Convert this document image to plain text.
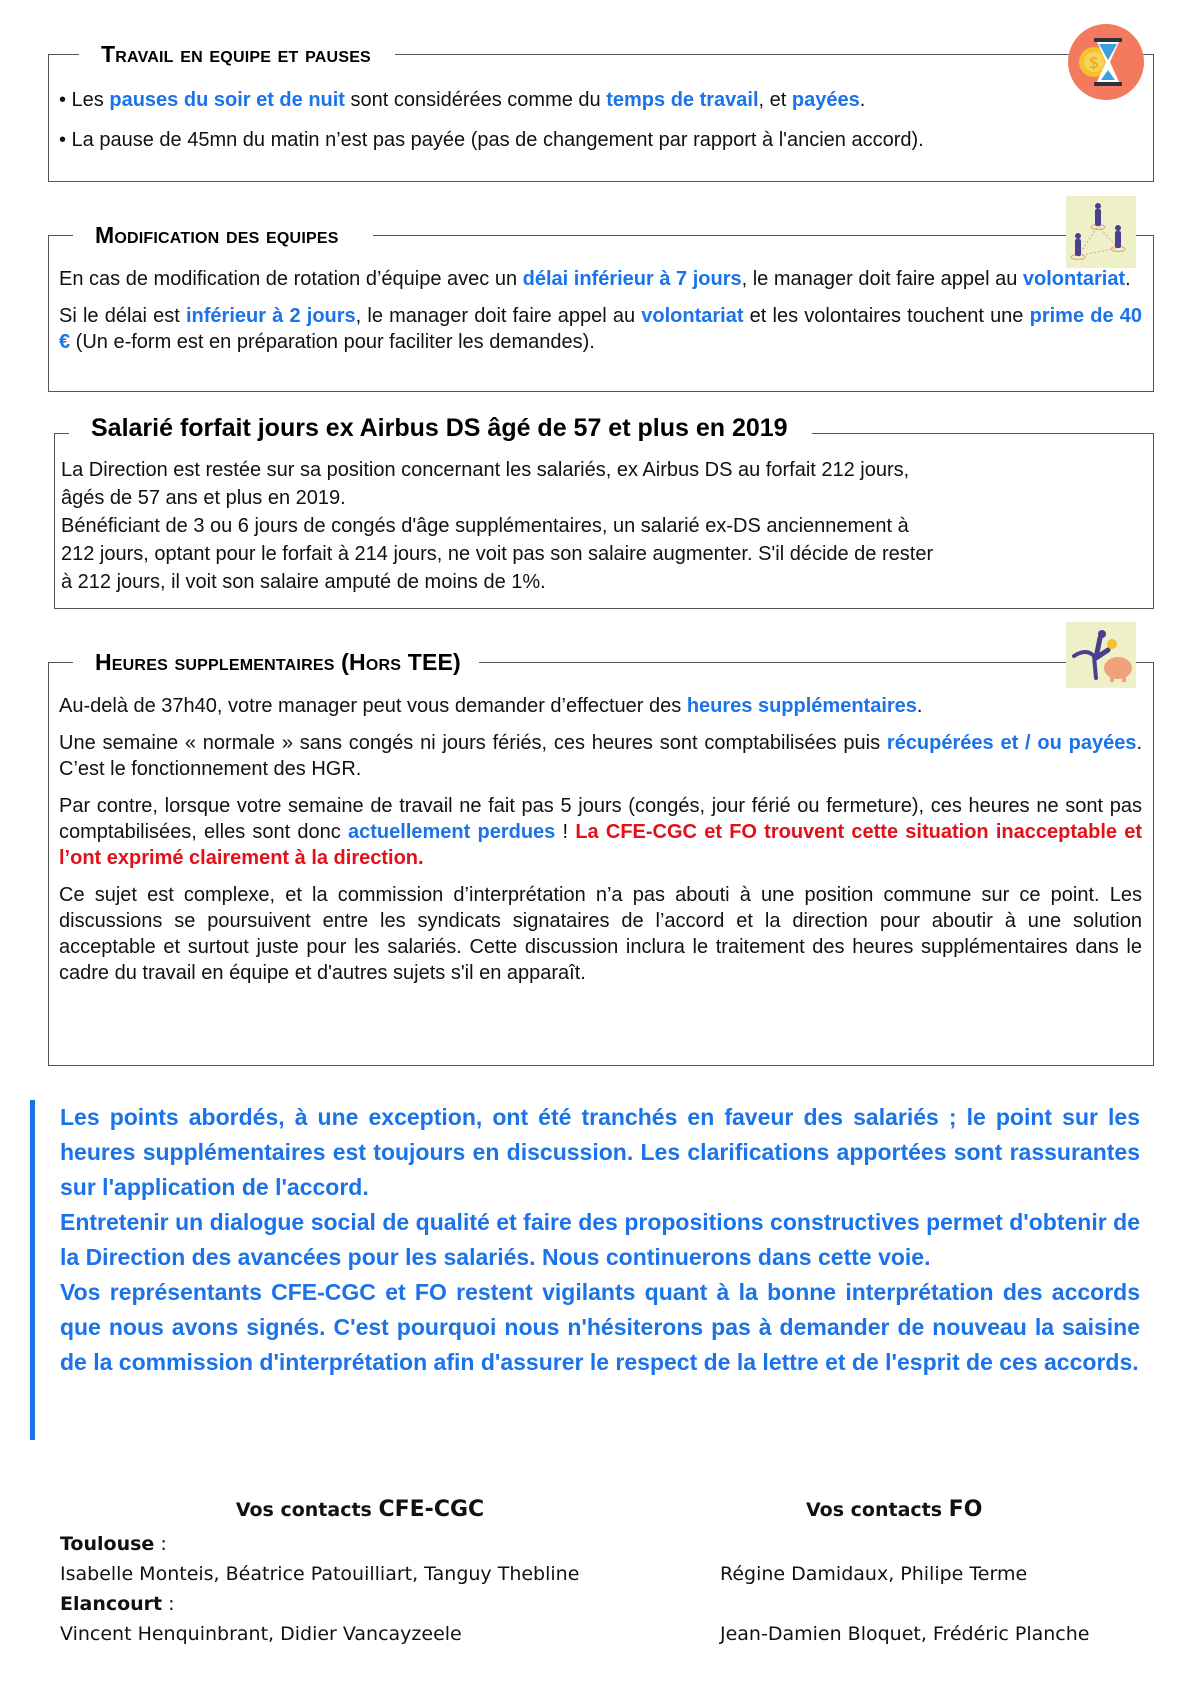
Travail en equipe et pauses

• Les pauses du soir et de nuit sont considérées comme du temps de travail, et payées.

• La pause de 45mn du matin n’est pas payée (pas de changement par rapport à l'ancien accord).

$
Modification des equipes

En cas de modification de rotation d’équipe avec un délai inférieur à 7 jours, le manager doit faire appel au volontariat.

Si le délai est inférieur à 2 jours, le manager doit faire appel au volontariat et les volontaires touchent une prime de 40 € (Un e-form est en préparation pour faciliter les demandes).

Salarié forfait jours ex Airbus DS âgé de 57 et plus en 2019
La Direction est restée sur sa position concernant les salariés, ex Airbus DS au forfait 212 jours,
âgés de 57 ans et plus en 2019.
Bénéficiant de 3 ou 6 jours de congés d'âge supplémentaires, un salarié ex-DS anciennement à
212 jours, optant pour le forfait à 214 jours, ne voit pas son salaire augmenter. S'il décide de rester
à 212 jours, il voit son salaire amputé de moins de 1%.
Heures supplementaires (Hors TEE)

Au-delà de 37h40, votre manager peut vous demander d’effectuer des heures supplémentaires.

Une semaine « normale » sans congés ni jours fériés, ces heures sont comptabilisées puis récupérées et / ou payées. C’est le fonctionnement des HGR.

Par contre, lorsque votre semaine de travail ne fait pas 5 jours (congés, jour férié ou fermeture), ces heures ne sont pas comptabilisées, elles sont donc actuellement perdues ! La CFE-CGC et FO trouvent cette situation inacceptable et l’ont exprimé clairement à la direction.

Ce sujet est complexe, et la commission d’interprétation n’a pas abouti à une position commune sur ce point. Les discussions se poursuivent entre les syndicats signataires de l’accord et la direction pour aboutir à une solution acceptable et surtout juste pour les salariés. Cette discussion inclura le traitement des heures supplémentaires dans le cadre du travail en équipe et d'autres sujets s'il en apparaît.

Les points abordés, à une exception, ont été tranchés en faveur des salariés ; le point sur les heures supplémentaires est toujours en discussion. Les clarifications apportées sont rassurantes sur l'application de l'accord.

Entretenir un dialogue social de qualité et faire des propositions constructives permet d'obtenir de la Direction des avancées pour les salariés. Nous continuerons dans cette voie.

Vos représentants CFE-CGC et FO restent vigilants quant à la bonne interprétation des accords que nous avons signés. C'est pourquoi nous n'hésiterons pas à demander de nouveau la saisine de la commission d'interprétation afin d'assurer le respect de la lettre et de l'esprit de ces accords.

Vos contacts CFE-CGC
Toulouse :
Isabelle Monteis, Béatrice Patouilliart, Tanguy Thebline
Elancourt :
Vincent Henquinbrant, Didier Vancayzeele
Vos contacts FO
Régine Damidaux, Philipe Terme
Jean-Damien Bloquet, Frédéric Planche
